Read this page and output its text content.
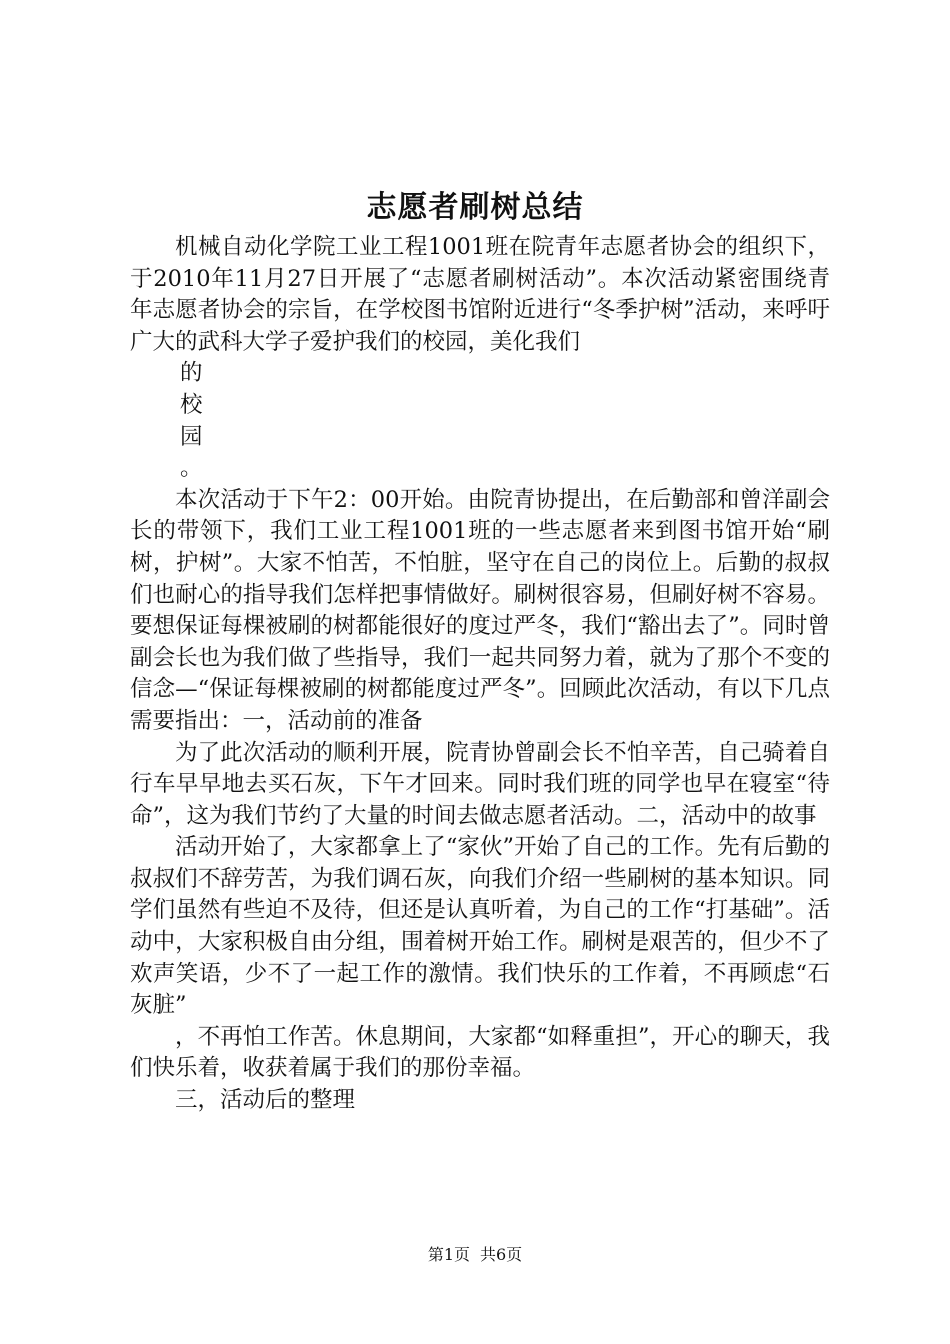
志愿者刷树总结

机械自动化学院工业工程1001班在院青年志愿者协会的组织下，于2010年11月27日开展了“志愿者刷树活动”。本次活动紧密围绕青年志愿者协会的宗旨，在学校图书馆附近进行“冬季护树”活动，来呼吁广大的武科大学子爱护我们的校园，美化我们

的
校
园
。

本次活动于下午2：00开始。由院青协提出，在后勤部和曾洋副会长的带领下，我们工业工程1001班的一些志愿者来到图书馆开始“刷树，护树”。大家不怕苦，不怕脏，坚守在自己的岗位上。后勤的叔叔们也耐心的指导我们怎样把事情做好。刷树很容易，但刷好树不容易。要想保证每棵被刷的树都能很好的度过严冬，我们“豁出去了”。同时曾副会长也为我们做了些指导，我们一起共同努力着，就为了那个不变的信念—“保证每棵被刷的树都能度过严冬”。回顾此次活动，有以下几点需要指出：一，活动前的准备

为了此次活动的顺利开展，院青协曾副会长不怕辛苦，自己骑着自行车早早地去买石灰，下午才回来。同时我们班的同学也早在寝室“待命”，这为我们节约了大量的时间去做志愿者活动。二，活动中的故事

活动开始了，大家都拿上了“家伙”开始了自己的工作。先有后勤的叔叔们不辞劳苦，为我们调石灰，向我们介绍一些刷树的基本知识。同学们虽然有些迫不及待，但还是认真听着，为自己的工作“打基础”。活动中，大家积极自由分组，围着树开始工作。刷树是艰苦的，但少不了欢声笑语，少不了一起工作的激情。我们快乐的工作着，不再顾虑“石灰脏”

，不再怕工作苦。休息期间，大家都“如释重担”，开心的聊天，我们快乐着，收获着属于我们的那份幸福。

三，活动后的整理

第1页 共6页
